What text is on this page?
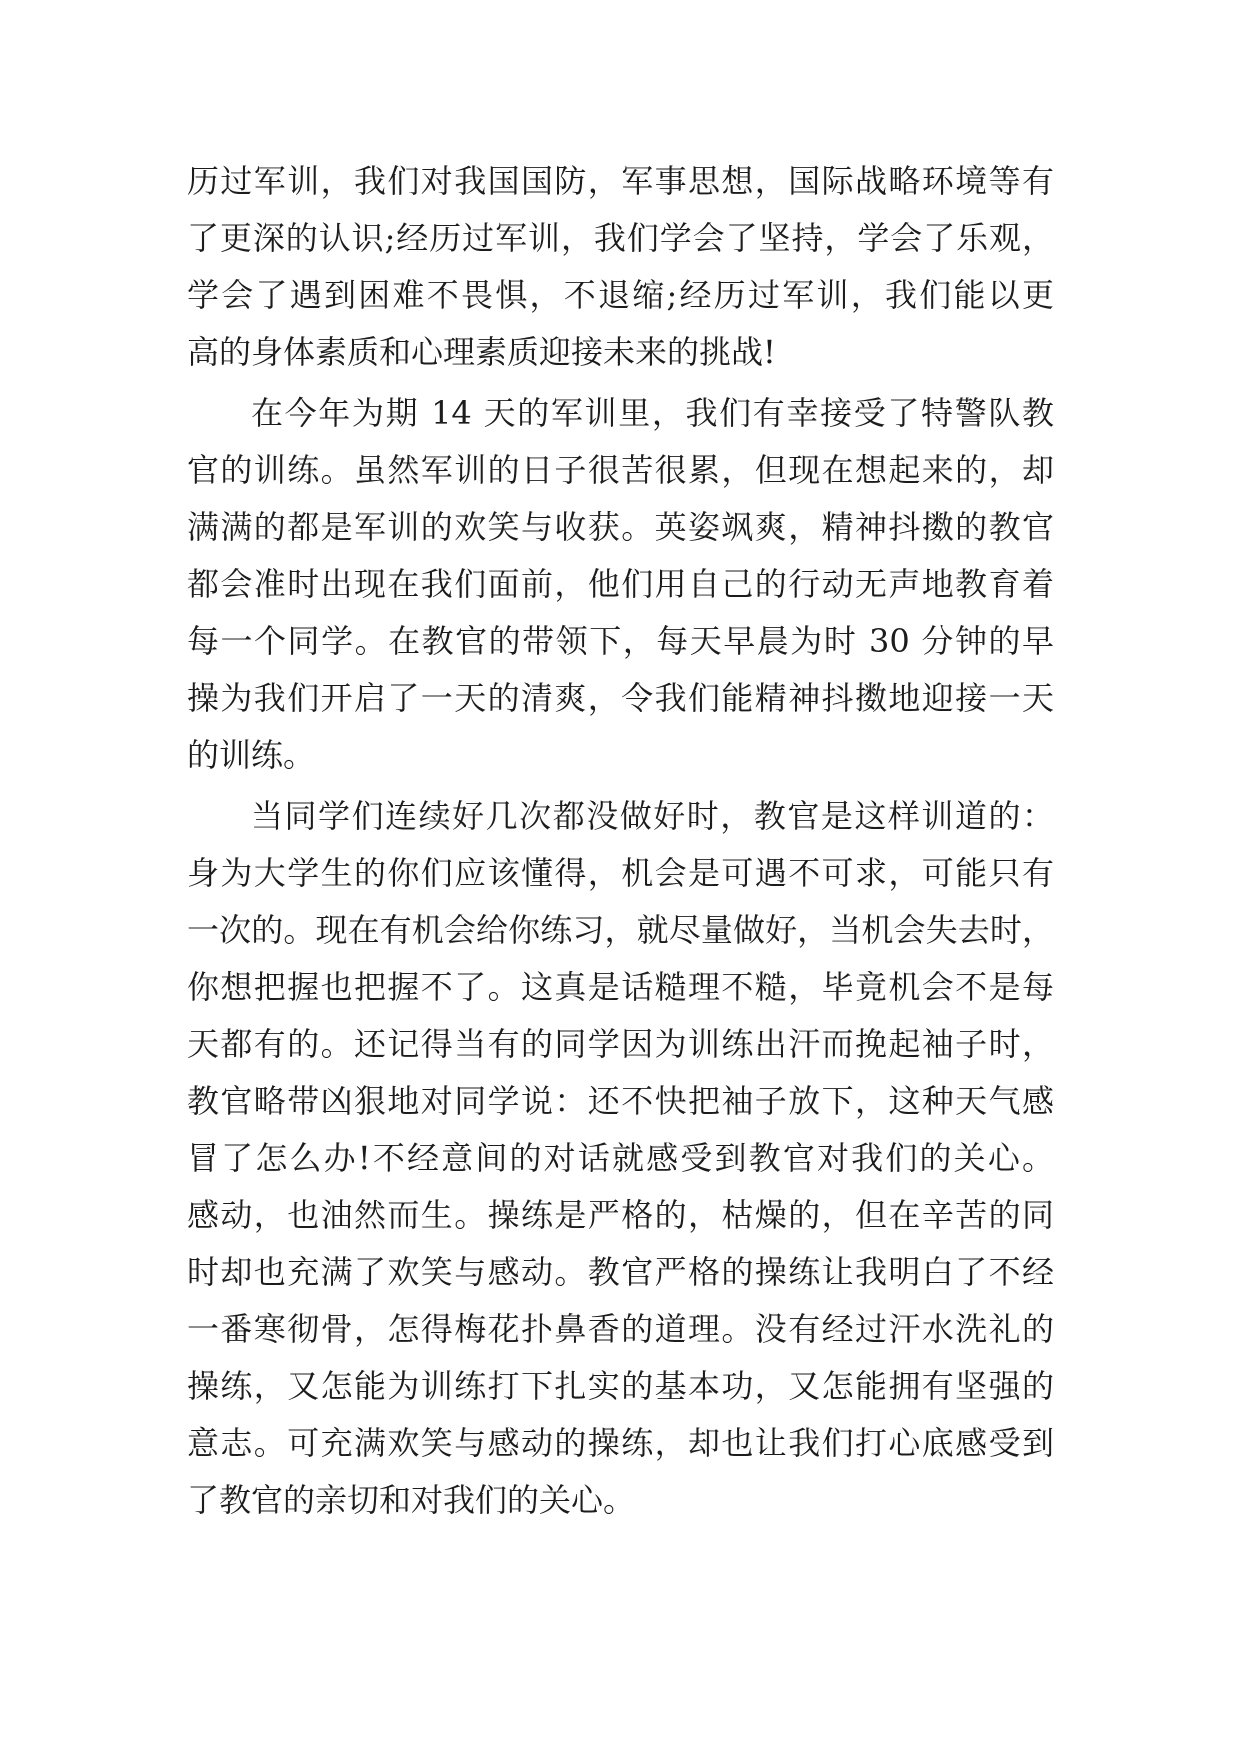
历过军训，我们对我国国防，军事思想，国际战略环境等有
了更深的认识;经历过军训，我们学会了坚持，学会了乐观，
学会了遇到困难不畏惧，不退缩;经历过军训，我们能以更
高的身体素质和心理素质迎接未来的挑战!
在今年为期 14 天的军训里，我们有幸接受了特警队教
官的训练。虽然军训的日子很苦很累，但现在想起来的，却
满满的都是军训的欢笑与收获。英姿飒爽，精神抖擞的教官
都会准时出现在我们面前，他们用自己的行动无声地教育着
每一个同学。在教官的带领下，每天早晨为时 30 分钟的早
操为我们开启了一天的清爽，令我们能精神抖擞地迎接一天
的训练。
当同学们连续好几次都没做好时，教官是这样训道的：
身为大学生的你们应该懂得，机会是可遇不可求，可能只有
一次的。现在有机会给你练习，就尽量做好，当机会失去时，
你想把握也把握不了。这真是话糙理不糙，毕竟机会不是每
天都有的。还记得当有的同学因为训练出汗而挽起袖子时，
教官略带凶狠地对同学说：还不快把袖子放下，这种天气感
冒了怎么办!不经意间的对话就感受到教官对我们的关心。
感动，也油然而生。操练是严格的，枯燥的，但在辛苦的同
时却也充满了欢笑与感动。教官严格的操练让我明白了不经
一番寒彻骨，怎得梅花扑鼻香的道理。没有经过汗水洗礼的
操练，又怎能为训练打下扎实的基本功，又怎能拥有坚强的
意志。可充满欢笑与感动的操练，却也让我们打心底感受到
了教官的亲切和对我们的关心。
